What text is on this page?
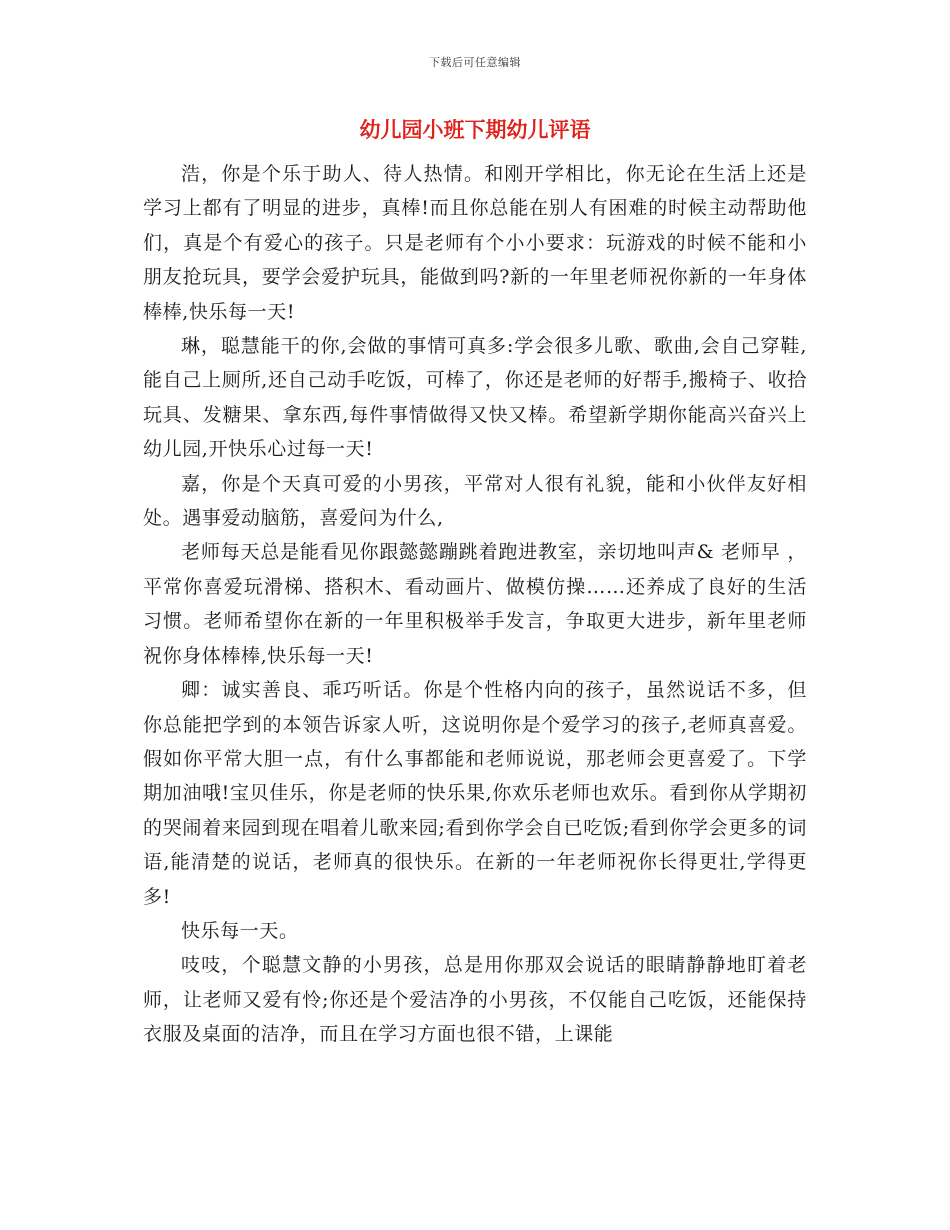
下载后可任意编辑
幼儿园小班下期幼儿评语

浩，你是个乐于助人、待人热情。和刚开学相比，你无论在生活上还是学习上都有了明显的进步，真棒!而且你总能在别人有困难的时候主动帮助他们，真是个有爱心的孩子。只是老师有个小小要求：玩游戏的时候不能和小朋友抢玩具，要学会爱护玩具，能做到吗?新的一年里老师祝你新的一年身体棒棒,快乐每一天!

琳，聪慧能干的你,会做的事情可真多:学会很多儿歌、歌曲,会自己穿鞋,能自己上厕所,还自己动手吃饭，可棒了，你还是老师的好帮手,搬椅子、收拾玩具、发糖果、拿东西,每件事情做得又快又棒。希望新学期你能高兴奋兴上幼儿园,开快乐心过每一天!

嘉，你是个天真可爱的小男孩，平常对人很有礼貌，能和小伙伴友好相处。遇事爱动脑筋，喜爱问为什么,

老师每天总是能看见你跟懿懿蹦跳着跑进教室，亲切地叫声& 老师早 ，平常你喜爱玩滑梯、搭积木、看动画片、做模仿操……还养成了良好的生活习惯。老师希望你在新的一年里积极举手发言，争取更大进步，新年里老师祝你身体棒棒,快乐每一天!

卿：诚实善良、乖巧听话。你是个性格内向的孩子，虽然说话不多，但你总能把学到的本领告诉家人听，这说明你是个爱学习的孩子,老师真喜爱。假如你平常大胆一点，有什么事都能和老师说说，那老师会更喜爱了。下学期加油哦!宝贝佳乐，你是老师的快乐果,你欢乐老师也欢乐。看到你从学期初的哭闹着来园到现在唱着儿歌来园;看到你学会自已吃饭;看到你学会更多的词语,能清楚的说话，老师真的很快乐。在新的一年老师祝你长得更壮,学得更多!

快乐每一天。

吱吱，个聪慧文静的小男孩，总是用你那双会说话的眼睛静静地盯着老师，让老师又爱有怜;你还是个爱洁净的小男孩，不仅能自己吃饭，还能保持衣服及桌面的洁净，而且在学习方面也很不错，上课能
